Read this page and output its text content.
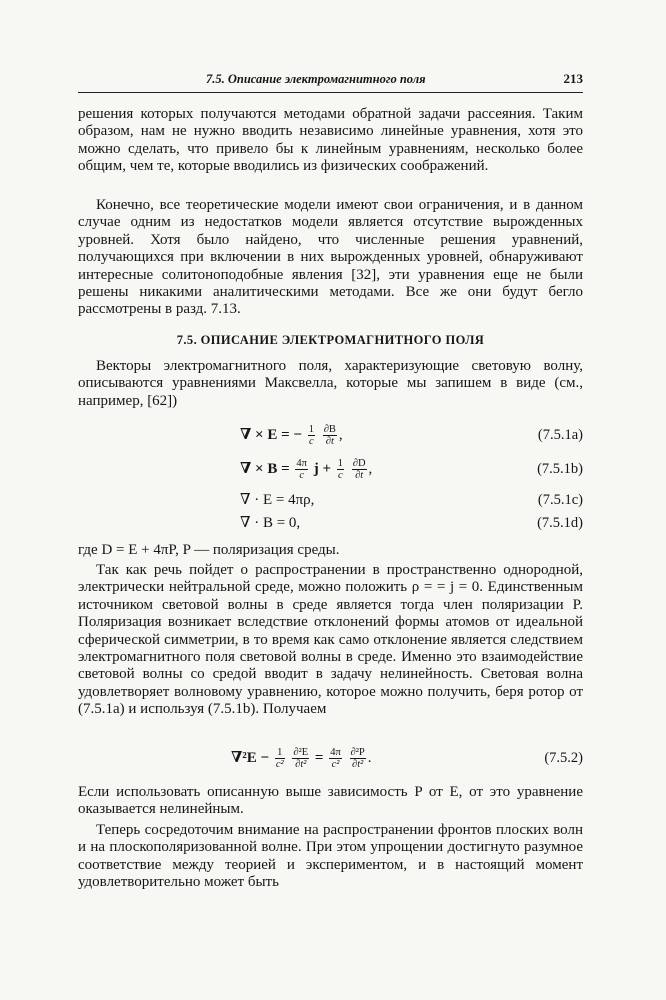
7.5. Описание электромагнитного поля	213

решения которых получаются методами обратной задачи рассеяния. Таким образом, нам не нужно вводить независимо линейные уравнения, хотя это можно сделать, что привело бы к линейным уравнениям, несколько более общим, чем те, которые вводились из физических соображений.

Конечно, все теоретические модели имеют свои ограничения, и в данном случае одним из недостатков модели является отсутствие вырожденных уровней. Хотя было найдено, что численные решения уравнений, получающихся при включении в них вырожденных уровней, обнаруживают интересные солитоноподобные явления [32], эти уравнения еще не были решены никакими аналитическими методами. Все же они будут бегло рассмотрены в разд. 7.13.

7.5. ОПИСАНИЕ ЭЛЕКТРОМАГНИТНОГО ПОЛЯ

Векторы электромагнитного поля, характеризующие световую волну, описываются уравнениями Максвелла, которые мы запишем в виде (см., например, [62])

∇ × E = − $\frac{1}{c}$
$\frac{\partial B}{\partial t}$ ,	(7.5.1a)
∇ × $B = \frac{4\pi}{c}$ $j + \frac{1}{c}$
$\frac{\partial D}{\partial t}$ ,	(7.5.1b)
∇ · E = 4πρ,	(7.5.1c)
∇ · B = 0,	(7.5.1d)

где D = E + 4πP, P — поляризация среды.

Так как речь пойдет о распространении в пространственно однородной, электрически нейтральной среде, можно положить ρ = = j = 0. Единственным источником световой волны в среде является тогда член поляризации P. Поляризация возникает вследствие отклонений формы атомов от идеальной сферической симметрии, в то время как само отклонение является следствием электромагнитного поля световой волны в среде. Именно это взаимодействие световой волны со средой вводит в задачу нелинейность. Световая волна удовлетворяет волновому уравнению, которое можно получить, беря ротор от (7.5.1a) и используя (7.5.1b). Получаем

$\nabla^2E - \frac{1}{\text{c²}}$
$\frac{\text{∂²E}}{\text{∂t²}} = \frac{4\pi}{\text{c²}}$
$\frac{\text{∂²P}}{\text{∂t²}}$ .	(7.5.2)

Если использовать описанную выше зависимость P от E, от это уравнение оказывается нелинейным.

Теперь сосредоточим внимание на распространении фронтов плоских волн и на плоскополяризованной волне. При этом упрощении достигнуто разумное соответствие между теорией и экспериментом, и в настоящий момент удовлетворительно может быть
